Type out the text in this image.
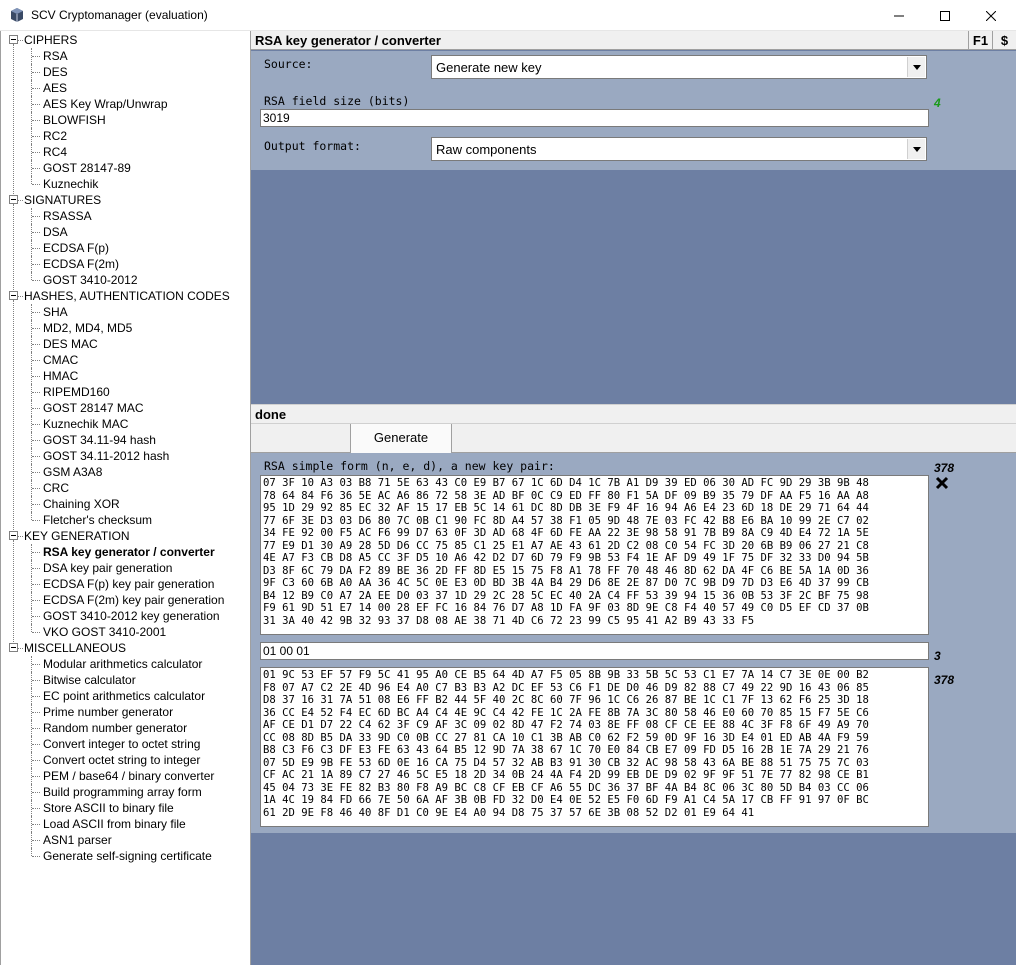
SCV Cryptomanager (evaluation)
CIPHERS
RSA
DES
AES
AES Key Wrap/Unwrap
BLOWFISH
RC2
RC4
GOST 28147-89
Kuznechik
SIGNATURES
RSASSA
DSA
ECDSA F(p)
ECDSA F(2m)
GOST 3410-2012
HASHES, AUTHENTICATION CODES
SHA
MD2, MD4, MD5
DES MAC
CMAC
HMAC
RIPEMD160
GOST 28147 MAC
Kuznechik MAC
GOST 34.11-94 hash
GOST 34.11-2012 hash
GSM A3A8
CRC
Chaining XOR
Fletcher's checksum
KEY GENERATION
RSA key generator / converter
DSA key pair generation
ECDSA F(p) key pair generation
ECDSA F(2m) key pair generation
GOST 3410-2012 key generation
VKO GOST 3410-2001
MISCELLANEOUS
Modular arithmetics calculator
Bitwise calculator
EC point arithmetics calculator
Prime number generator
Random number generator
Convert integer to octet string
Convert octet string to integer
PEM / base64 / binary converter
Build programming array form
Store ASCII to binary file
Load ASCII from binary file
ASN1 parser
Generate self-signing certificate
RSA key generator / converter	F1 $
Source:	Generate new key
RSA field size (bits)	4
3019
Output format:	Raw components
done
Generate
RSA simple form (n, e, d), a new key pair:	378
07 3F 10 A3 03 B8 71 5E 63 43 C0 E9 B7 67 1C 6D D4 1C 7B A1 D9 39 ED 06 30 AD FC 9D 29 3B 9B 48
78 64 84 F6 36 5E AC A6 86 72 58 3E AD BF 0C C9 ED FF 80 F1 5A DF 09 B9 35 79 DF AA F5 16 AA A8
95 1D 29 92 85 EC 32 AF 15 17 EB 5C 14 61 DC 8D DB 3E F9 4F 16 94 A6 E4 23 6D 18 DE 29 71 64 44
77 6F 3E D3 03 D6 80 7C 0B C1 90 FC 8D A4 57 38 F1 05 9D 48 7E 03 FC 42 B8 E6 BA 10 99 2E C7 02
34 FE 92 00 F5 AC F6 99 D7 63 0F 3D AD 68 4F 6D FE AA 22 3E 98 58 91 7B B9 8A C9 4D E4 72 1A 5E
77 E9 D1 30 A9 28 5D D6 CC 75 85 C1 25 E1 A7 AE 43 61 2D C2 08 C0 54 FC 3D 20 6B B9 06 27 21 C8
4E A7 F3 CB D8 A5 CC 3F D5 10 A6 42 D2 D7 6D 79 F9 9B 53 F4 1E AF D9 49 1F 75 DF 32 33 D0 94 5B
D3 8F 6C 79 DA F2 89 BE 36 2D FF 8D E5 15 75 F8 A1 78 FF 70 48 46 8D 62 DA 4F C6 BE 5A 1A 0D 36
9F C3 60 6B A0 AA 36 4C 5C 0E E3 0D BD 3B 4A B4 29 D6 8E 2E 87 D0 7C 9B D9 7D D3 E6 4D 37 99 CB
B4 12 B9 C0 A7 2A EE D0 03 37 1D 29 2C 28 5C EC 40 2A C4 FF 53 39 94 15 36 0B 53 3F 2C BF 75 98
F9 61 9D 51 E7 14 00 28 EF FC 16 84 76 D7 A8 1D FA 9F 03 8D 9E C8 F4 40 57 49 C0 D5 EF CD 37 0B
31 3A 40 42 9B 32 93 37 D8 08 AE 38 71 4D C6 72 23 99 C5 95 41 A2 B9 43 33 F5
01 00 01	3
378
01 9C 53 EF 57 F9 5C 41 95 A0 CE B5 64 4D A7 F5 05 8B 9B 33 5B 5C 53 C1 E7 7A 14 C7 3E 0E 00 B2
F8 07 A7 C2 2E 4D 96 E4 A0 C7 B3 B3 A2 DC EF 53 C6 F1 DE D0 46 D9 82 88 C7 49 22 9D 16 43 06 85
D8 37 16 31 7A 51 08 E6 FF B2 44 5F 40 2C 8C 60 7F 96 1C C6 26 87 BE 1C C1 7F 13 62 F6 25 3D 18
36 CC E4 52 F4 EC 6D BC A4 C4 4E 9C C4 42 FE 1C 2A FE 8B 7A 3C 80 58 46 E0 60 70 85 15 F7 5E C6
AF CE D1 D7 22 C4 62 3F C9 AF 3C 09 02 8D 47 F2 74 03 8E FF 08 CF CE EE 88 4C 3F F8 6F 49 A9 70
CC 08 8D B5 DA 33 9D C0 0B CC 27 81 CA 10 C1 3B AB C0 62 F2 59 0D 9F 16 3D E4 01 ED AB 4A F9 59
B8 C3 F6 C3 DF E3 FE 63 43 64 B5 12 9D 7A 38 67 1C 70 E0 84 CB E7 09 FD D5 16 2B 1E 7A 29 21 76
07 5D E9 9B FE 53 6D 0E 16 CA 75 D4 57 32 AB B3 91 30 CB 32 AC 98 58 43 6A BE 88 51 75 75 7C 03
CF AC 21 1A 89 C7 27 46 5C E5 18 2D 34 0B 24 4A F4 2D 99 EB DE D9 02 9F 9F 51 7E 77 82 98 CE B1
45 04 73 3E FE 82 B3 80 F8 A9 BC C8 CF EB CF A6 55 DC 36 37 BF 4A B4 8C 06 3C 80 5D B4 03 CC 06
1A 4C 19 84 FD 66 7E 50 6A AF 3B 0B FD 32 D0 E4 0E 52 E5 F0 6D F9 A1 C4 5A 17 CB FF 91 97 0F BC
61 2D 9E F8 46 40 8F D1 C0 9E E4 A0 94 D8 75 37 57 6E 3B 08 52 D2 01 E9 64 41
